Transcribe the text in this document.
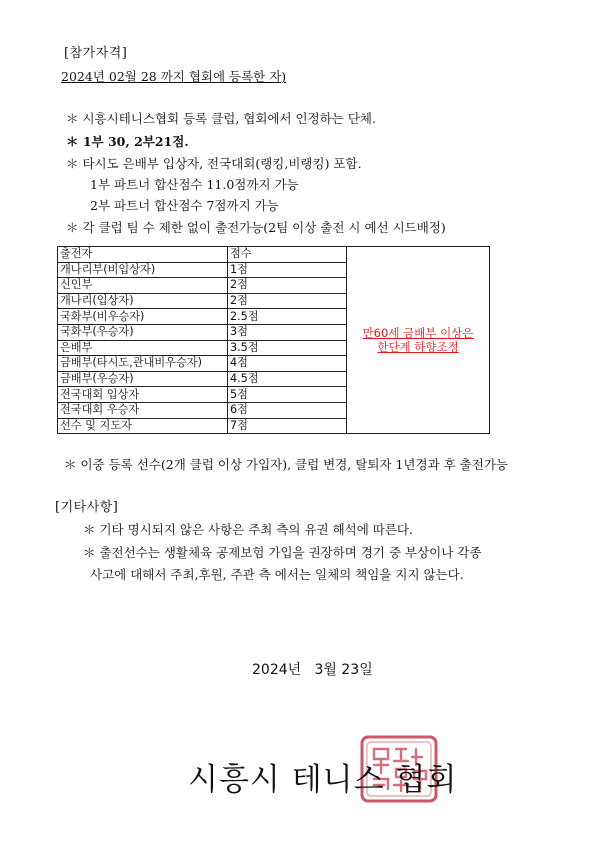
[참가자격]
2024년 02월 28 까지 협회에 등록한 자)
＊ 시흥시테니스협회 등록 클럽, 협회에서 인정하는 단체.
＊ 1부 30, 2부21점.
＊ 타시도 은배부 입상자, 전국대회(랭킹,비랭킹) 포함.
1부 파트너 합산점수 11.0점까지 가능
2부 파트너 합산점수 7점까지 가능
＊ 각 클럽 팀 수 제한 없이 출전가능(2팀 이상 출전 시 예선 시드배정)
출전자	점수	만60세 금배부 이상은
한단계 하향조정
개나리부(비입상자)	1점	
신인부	2점	
개나리(입상자)	2점	
국화부(비우승자)	2.5점	
국화부(우승자)	3점	
은배부	3.5점	
금배부(타시도,관내비우승자)	4점	
금배부(우승자)	4.5점	
전국대회 입상자	5점	
전국대회 우승자	6점	
선수 및 지도자	7점	
＊ 이중 등록 선수(2개 클럽 이상 가입자), 클럽 변경, 탈퇴자 1년경과 후 출전가능
[기타사항]
＊ 기타 명시되지 않은 사항은 주최 측의 유권 해석에 따른다.
＊ 출전선수는 생활체육 공제보험 가입을 권장하며 경기 중 부상이나 각종
사고에 대해서 주최,후원, 주관 측 에서는 일체의 책임을 지지 않는다.
2024년   3월 23일
시흥시 테니스 협회
